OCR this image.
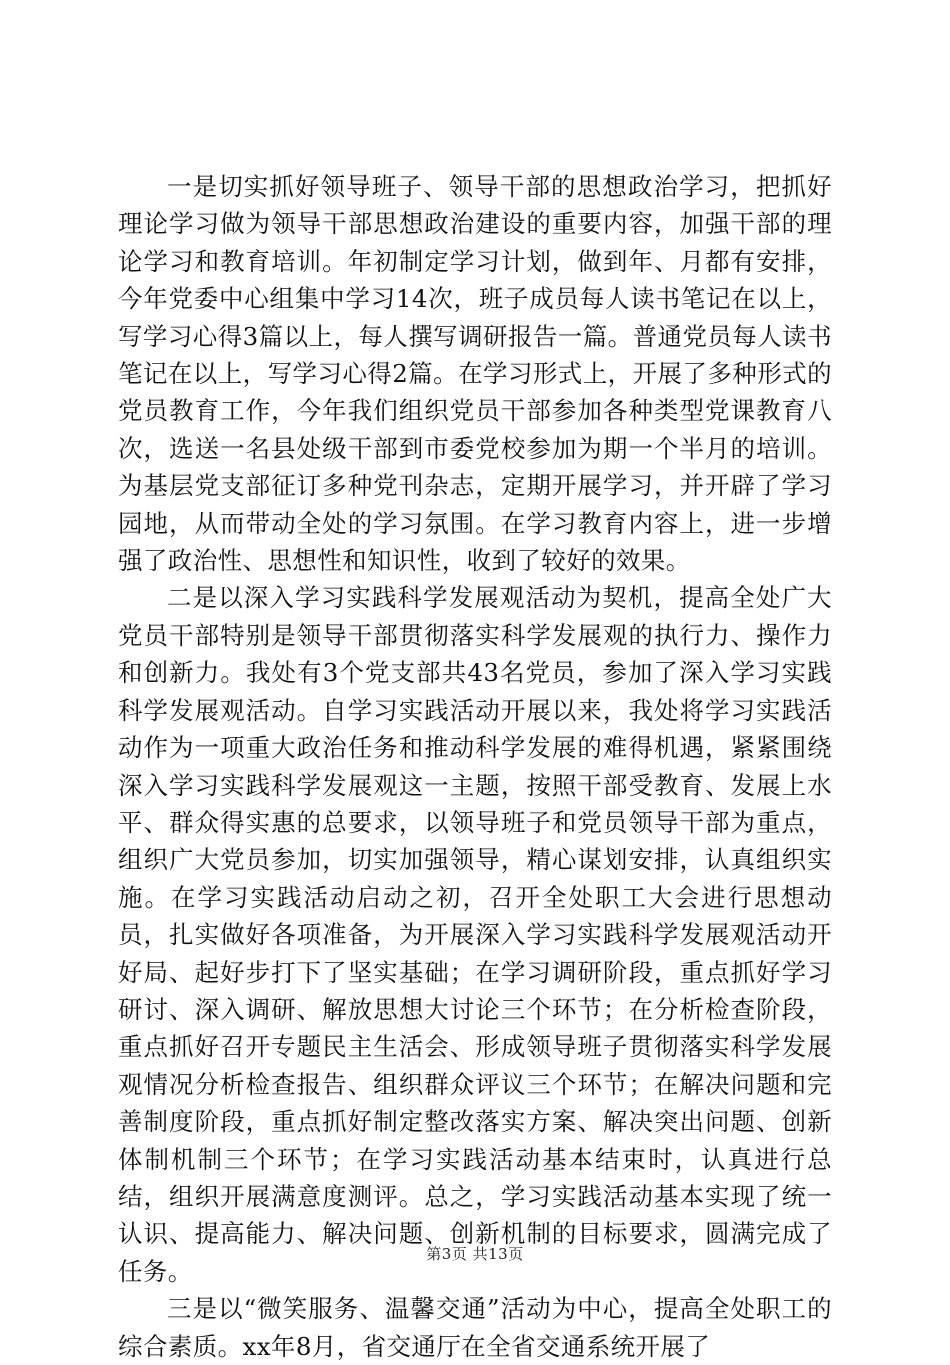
一是切实抓好领导班子、领导干部的思想政治学习，把抓好理论学习做为领导干部思想政治建设的重要内容，加强干部的理论学习和教育培训。年初制定学习计划，做到年、月都有安排，今年党委中心组集中学习14次，班子成员每人读书笔记在以上，写学习心得3篇以上，每人撰写调研报告一篇。普通党员每人读书笔记在以上，写学习心得2篇。在学习形式上，开展了多种形式的党员教育工作，今年我们组织党员干部参加各种类型党课教育八次，选送一名县处级干部到市委党校参加为期一个半月的培训。为基层党支部征订多种党刊杂志，定期开展学习，并开辟了学习园地，从而带动全处的学习氛围。在学习教育内容上，进一步增强了政治性、思想性和知识性，收到了较好的效果。

二是以深入学习实践科学发展观活动为契机，提高全处广大党员干部特别是领导干部贯彻落实科学发展观的执行力、操作力和创新力。我处有3个党支部共43名党员，参加了深入学习实践科学发展观活动。自学习实践活动开展以来，我处将学习实践活动作为一项重大政治任务和推动科学发展的难得机遇，紧紧围绕深入学习实践科学发展观这一主题，按照干部受教育、发展上水平、群众得实惠的总要求，以领导班子和党员领导干部为重点，组织广大党员参加，切实加强领导，精心谋划安排，认真组织实施。在学习实践活动启动之初，召开全处职工大会进行思想动员，扎实做好各项准备，为开展深入学习实践科学发展观活动开好局、起好步打下了坚实基础；在学习调研阶段，重点抓好学习研讨、深入调研、解放思想大讨论三个环节；在分析检查阶段，重点抓好召开专题民主生活会、形成领导班子贯彻落实科学发展观情况分析检查报告、组织群众评议三个环节；在解决问题和完善制度阶段，重点抓好制定整改落实方案、解决突出问题、创新体制机制三个环节；在学习实践活动基本结束时，认真进行总结，组织开展满意度测评。总之，学习实践活动基本实现了统一认识、提高能力、解决问题、创新机制的目标要求，圆满完成了任务。

三是以“微笑服务、温馨交通”活动为中心，提高全处职工的综合素质。xx年8月，省交通厅在全省交通系统开展了

第3页 共13页
